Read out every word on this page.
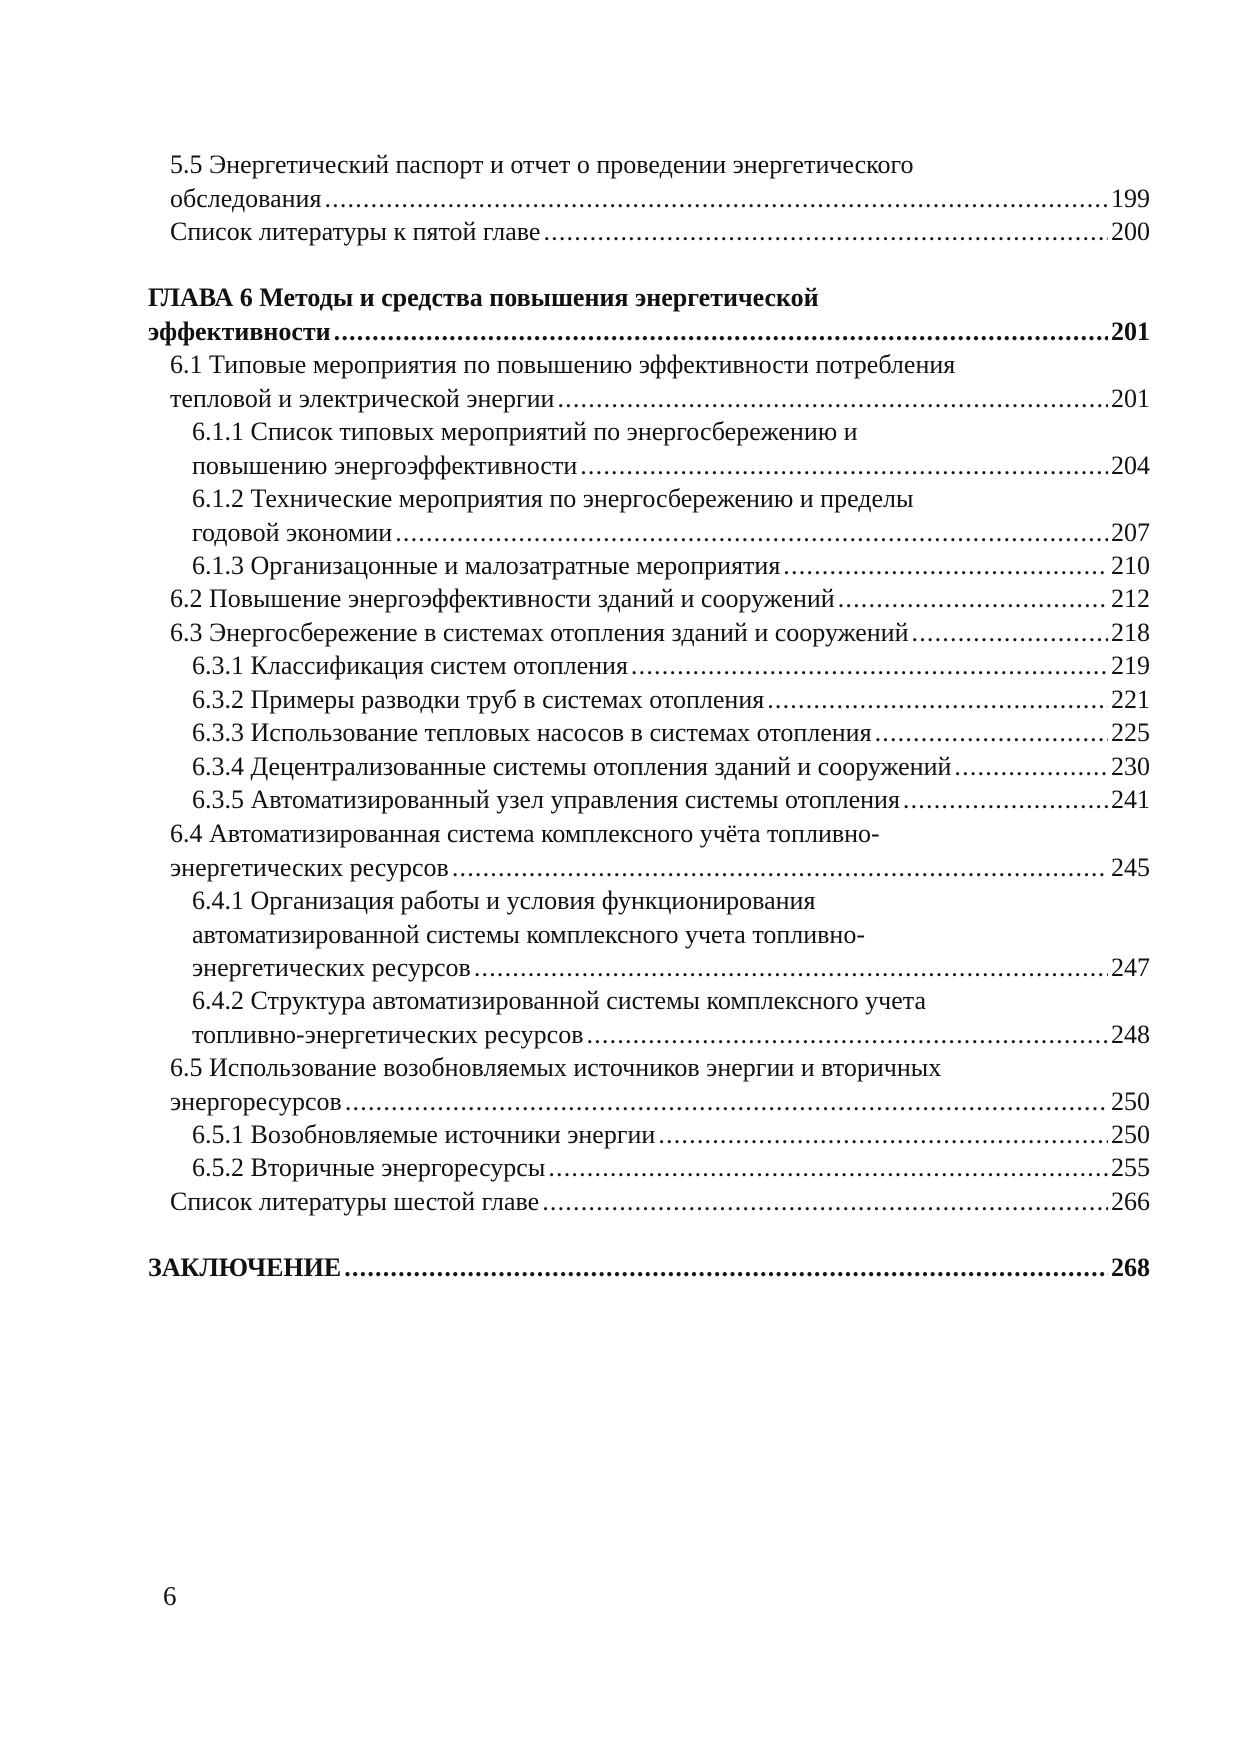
5.5 Энергетический паспорт и отчет о проведении энергетического
обследования .....	199
Список литературы к пятой главе .....	200
ГЛАВА 6 Методы и средства повышения энергетической
эффективности .....	201
6.1 Типовые мероприятия по повышению эффективности потребления
тепловой и электрической энергии .....	201
6.1.1 Список типовых мероприятий по энергосбережению и
повышению энергоэффективности .....	204
6.1.2 Технические мероприятия по энергосбережению и пределы
годовой экономии .....	207
6.1.3 Организацонные и малозатратные мероприятия .....	210
6.2 Повышение энергоэффективности зданий и сооружений .....	212
6.3 Энергосбережение в системах отопления зданий и сооружений .....	218
6.3.1 Классификация систем отопления .....	219
6.3.2 Примеры разводки труб в системах отопления .....	221
6.3.3 Использование тепловых насосов в системах отопления .....	225
6.3.4 Децентрализованные системы отопления зданий и сооружений .....	230
6.3.5 Автоматизированный узел управления системы отопления .....	241
6.4 Автоматизированная система комплексного учёта топливно-
энергетических ресурсов .....	245
6.4.1 Организация работы и условия функционирования
автоматизированной системы комплексного учета топливно-
энергетических ресурсов .....	247
6.4.2 Структура автоматизированной системы комплексного учета
топливно-энергетических ресурсов .....	248
6.5 Использование возобновляемых источников энергии и вторичных
энергоресурсов .....	250
6.5.1 Возобновляемые источники энергии .....	250
6.5.2 Вторичные энергоресурсы .....	255
Список литературы шестой главе .....	266
ЗАКЛЮЧЕНИЕ .....	268
6
